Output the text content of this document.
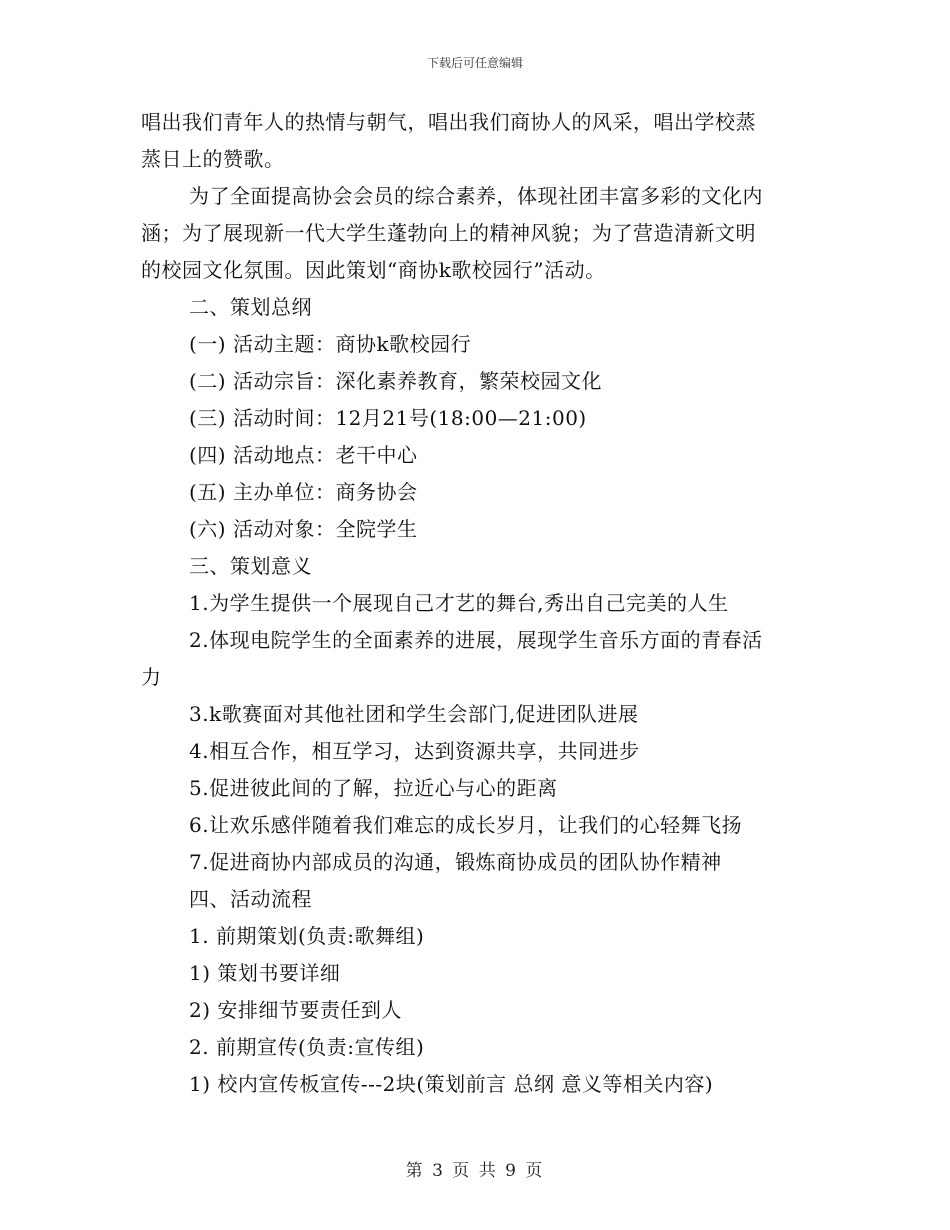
下载后可任意编辑
唱出我们青年人的热情与朝气，唱出我们商协人的风采，唱出学校蒸
蒸日上的赞歌。
为了全面提高协会会员的综合素养，体现社团丰富多彩的文化内
涵；为了展现新一代大学生蓬勃向上的精神风貌；为了营造清新文明
的校园文化氛围。因此策划“商协k歌校园行”活动。
二、策划总纲
(一) 活动主题：商协k歌校园行
(二) 活动宗旨：深化素养教育，繁荣校园文化
(三) 活动时间：12月21号(18:00—21:00)
(四) 活动地点：老干中心
(五) 主办单位：商务协会
(六) 活动对象：全院学生
三、策划意义
1.为学生提供一个展现自己才艺的舞台,秀出自己完美的人生
2.体现电院学生的全面素养的进展，展现学生音乐方面的青春活
力
3.k歌赛面对其他社团和学生会部门,促进团队进展
4.相互合作，相互学习，达到资源共享，共同进步
5.促进彼此间的了解，拉近心与心的距离
6.让欢乐感伴随着我们难忘的成长岁月，让我们的心轻舞飞扬
7.促进商协内部成员的沟通，锻炼商协成员的团队协作精神
四、活动流程
1. 前期策划(负责:歌舞组)
1) 策划书要详细
2) 安排细节要责任到人
2. 前期宣传(负责:宣传组)
1) 校内宣传板宣传---2块(策划前言 总纲 意义等相关内容)
第 3 页 共 9 页
